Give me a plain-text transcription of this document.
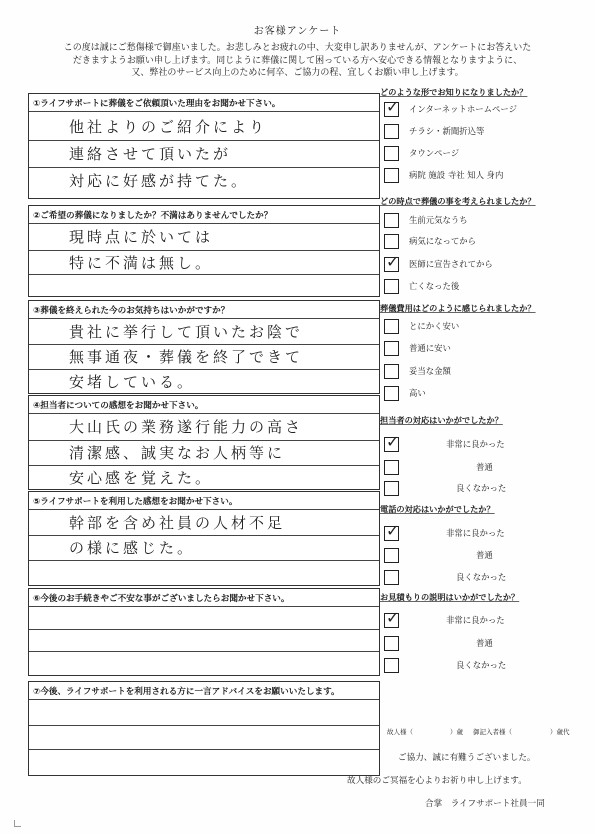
お客様アンケート
この度は誠にご愁傷様で御座いました。お悲しみとお疲れの中、大変申し訳ありませんが、アンケートにお答えいた
だきますようお願い申し上げます。同じように葬儀に関して困っている方へ安心できる情報となりますように、
又、弊社のサービス向上のために何卒、ご協力の程、宜しくお願い申し上げます。
①ライフサポートに葬儀をご依頼頂いた理由をお聞かせ下さい。
他社よりのご紹介により
連絡させて頂いたが
対応に好感が持てた。
②ご希望の葬儀になりましたか？不満はありませんでしたか？
現時点に於いては
特に不満は無し。
③葬儀を終えられた今のお気持ちはいかがですか？
貴社に挙行して頂いたお陰で
無事通夜・葬儀を終了できて
安堵している。
④担当者についての感想をお聞かせ下さい。
大山氏の業務遂行能力の高さ
清潔感、誠実なお人柄等に
安心感を覚えた。
⑤ライフサポートを利用した感想をお聞かせ下さい。
幹部を含め社員の人材不足
の様に感じた。
⑥今後のお手続きやご不安な事がございましたらお聞かせ下さい。
⑦今後、ライフサポートを利用される方に一言アドバイスをお願いいたします。
どのような形でお知りになりましたか？
✓
インターネットホームページ
チラシ・新聞折込等
タウンページ
病院 施設 寺社 知人 身内
どの時点で葬儀の事を考えられましたか？
生前元気なうち
病気になってから
✓
医師に宣告されてから
亡くなった後
葬儀費用はどのように感じられましたか？
とにかく安い
普通に安い
妥当な金額
高い
担当者の対応はいかがでしたか？
✓
非常に良かった
普通
良くなかった
電話の対応はいかがでしたか？
✓
非常に良かった
普通
良くなかった
お見積もりの説明はいかがでしたか？
✓
非常に良かった
普通
良くなかった
故人様（	）歳 御記入者様（	）歳代
ご協力、誠に有難うございました。
故人様のご冥福を心よりお祈り申し上げます。
合掌　ライフサポート社員一同
